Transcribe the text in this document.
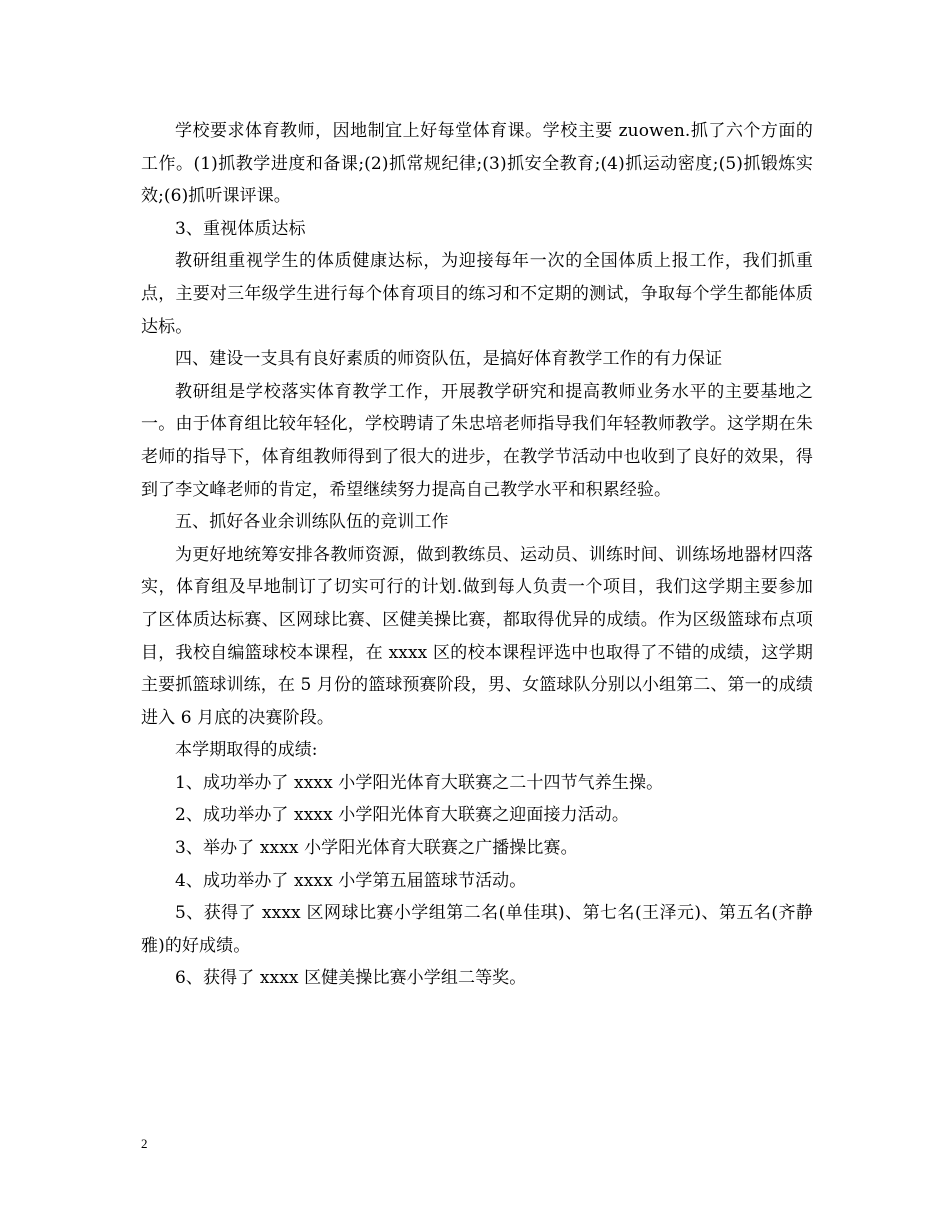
学校要求体育教师，因地制宜上好每堂体育课。学校主要 zuowen.抓了六个方面的工作。(1)抓教学进度和备课;(2)抓常规纪律;(3)抓安全教育;(4)抓运动密度;(5)抓锻炼实效;(6)抓听课评课。

3、重视体质达标

教研组重视学生的体质健康达标，为迎接每年一次的全国体质上报工作，我们抓重点，主要对三年级学生进行每个体育项目的练习和不定期的测试，争取每个学生都能体质达标。

四、建设一支具有良好素质的师资队伍，是搞好体育教学工作的有力保证

教研组是学校落实体育教学工作，开展教学研究和提高教师业务水平的主要基地之一。由于体育组比较年轻化，学校聘请了朱忠培老师指导我们年轻教师教学。这学期在朱老师的指导下，体育组教师得到了很大的进步，在教学节活动中也收到了良好的效果，得到了李文峰老师的肯定，希望继续努力提高自己教学水平和积累经验。

五、抓好各业余训练队伍的竞训工作

为更好地统筹安排各教师资源，做到教练员、运动员、训练时间、训练场地器材四落实，体育组及早地制订了切实可行的计划.做到每人负责一个项目，我们这学期主要参加了区体质达标赛、区网球比赛、区健美操比赛，都取得优异的成绩。作为区级篮球布点项目，我校自编篮球校本课程，在 xxxx 区的校本课程评选中也取得了不错的成绩，这学期主要抓篮球训练，在 5 月份的篮球预赛阶段，男、女篮球队分别以小组第二、第一的成绩进入 6 月底的决赛阶段。

本学期取得的成绩:

1、成功举办了 xxxx 小学阳光体育大联赛之二十四节气养生操。

2、成功举办了 xxxx 小学阳光体育大联赛之迎面接力活动。

3、举办了 xxxx 小学阳光体育大联赛之广播操比赛。

4、成功举办了 xxxx 小学第五届篮球节活动。

5、获得了 xxxx 区网球比赛小学组第二名(单佳琪)、第七名(王泽元)、第五名(齐静雅)的好成绩。

6、获得了 xxxx 区健美操比赛小学组二等奖。

2
